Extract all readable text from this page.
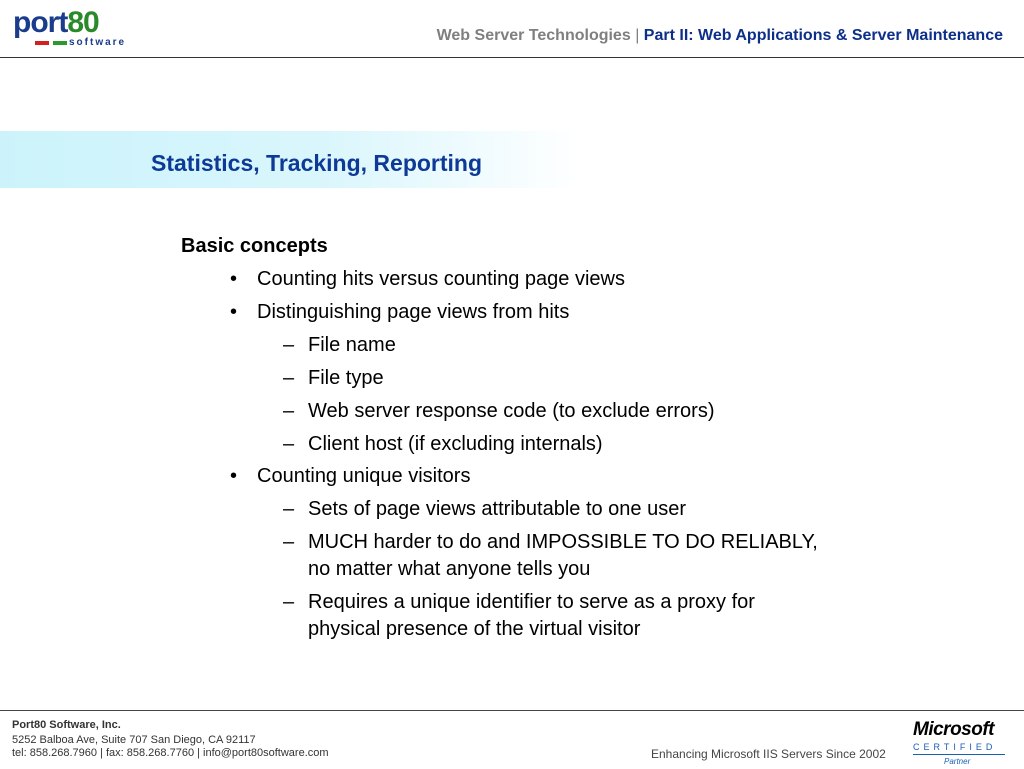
port80
software	Web Server Technologies | Part II: Web Applications & Server Maintenance
Statistics, Tracking, Reporting
Basic concepts
• Counting hits versus counting page views
• Distinguishing page views from hits
– File name
– File type
– Web server response code (to exclude errors)
– Client host (if excluding internals)
• Counting unique visitors
– Sets of page views attributable to one user
– MUCH harder to do and IMPOSSIBLE TO DO RELIABLY,
no matter what anyone tells you
– Requires a unique identifier to serve as a proxy for
physical presence of the virtual visitor
Port80 Software, Inc.
5252 Balboa Ave, Suite 707 San Diego, CA 92117
tel: 858.268.7960 | fax: 858.268.7760 | info@port80software.com	Enhancing Microsoft IIS Servers Since 2002
Microsoft
CERTIFIED
Partner
